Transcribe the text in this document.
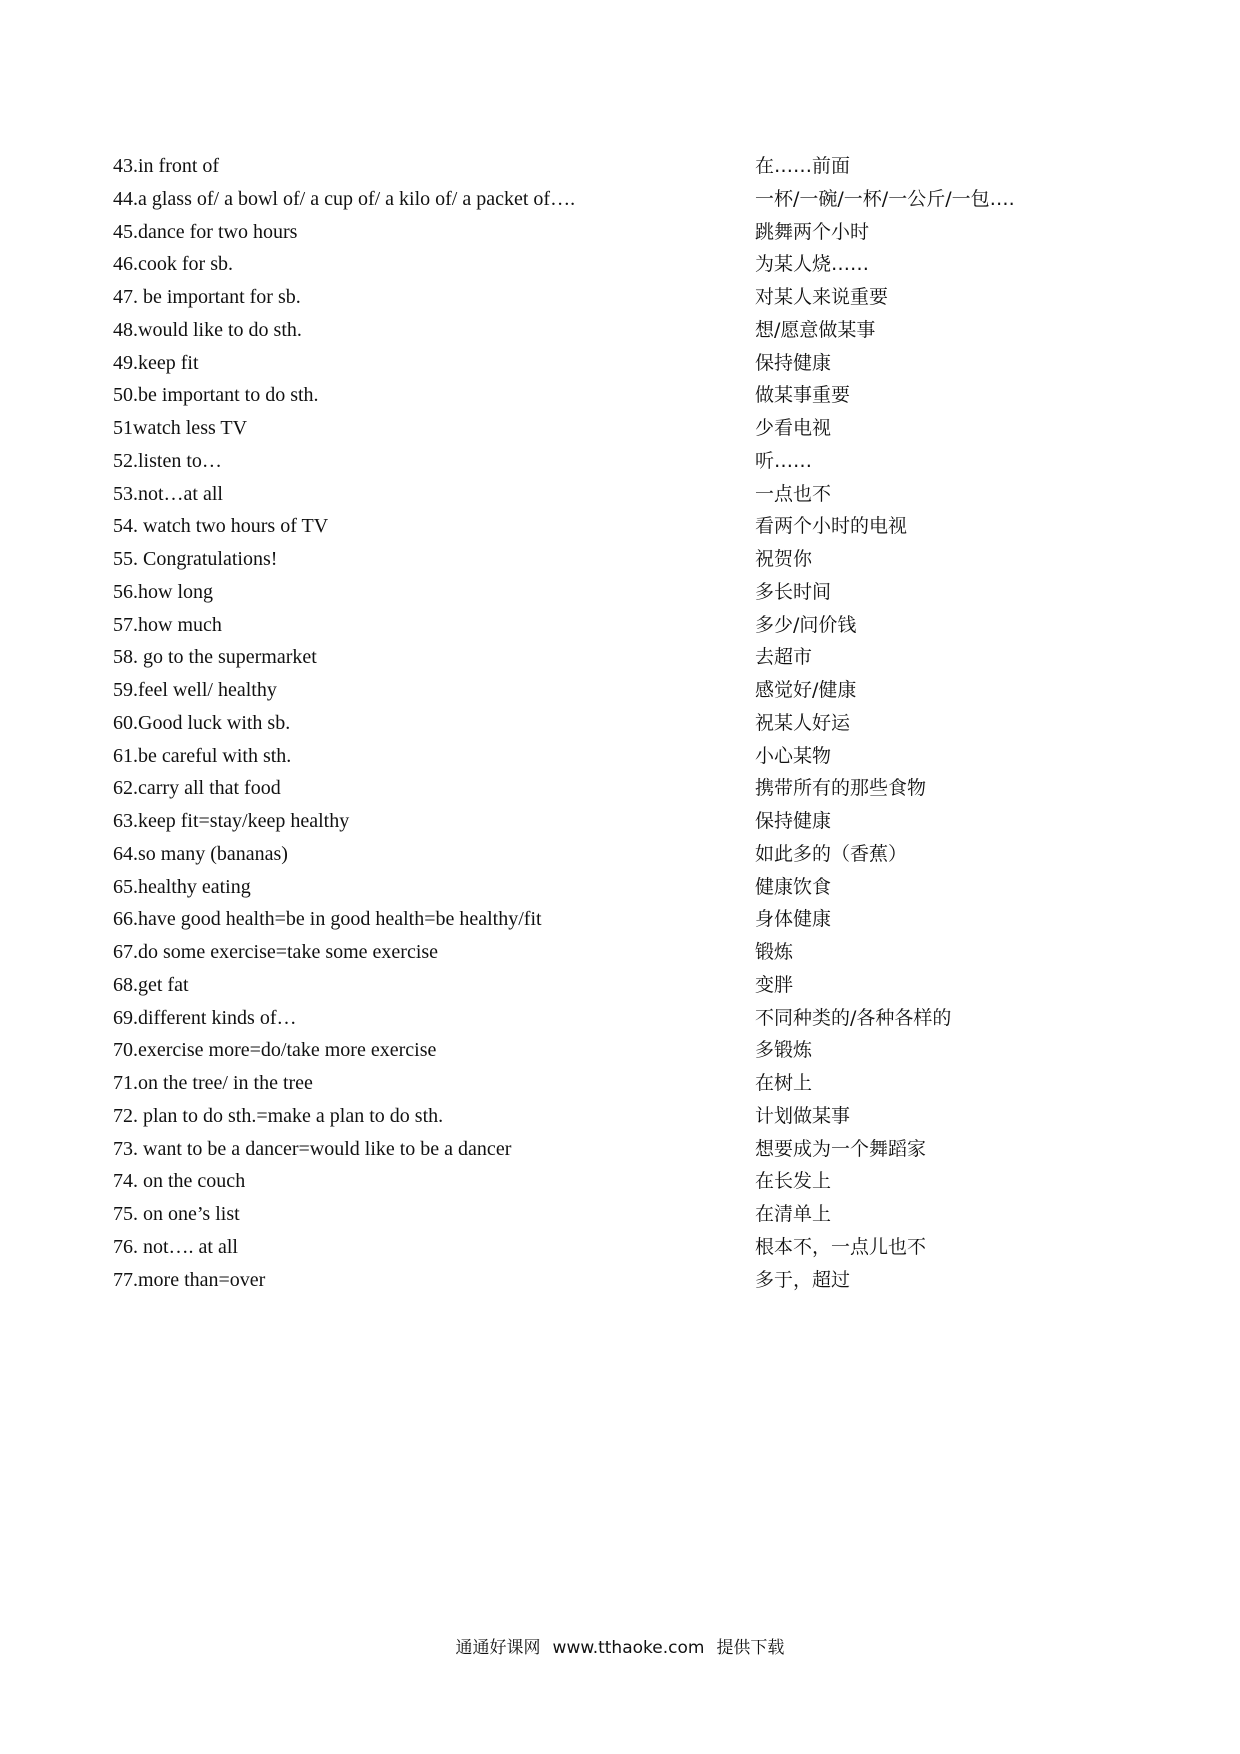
43.in front of	在……前面
44.a glass of/ a bowl of/ a cup of/ a kilo of/ a packet of….	一杯/一碗/一杯/一公斤/一包….
45.dance for two hours	跳舞两个小时
46.cook for sb.	为某人烧……
47. be important for sb.	对某人来说重要
48.would like to do sth.	想/愿意做某事
49.keep fit	保持健康
50.be important to do sth.	做某事重要
51watch less TV	少看电视
52.listen to…	听……
53.not…at all	一点也不
54. watch two hours of TV	看两个小时的电视
55. Congratulations!	祝贺你
56.how long	多长时间
57.how much	多少/问价钱
58. go to the supermarket	去超市
59.feel well/ healthy	感觉好/健康
60.Good luck with sb.	祝某人好运
61.be careful with sth.	小心某物
62.carry all that food	携带所有的那些食物
63.keep fit=stay/keep healthy	保持健康
64.so many (bananas)	如此多的（香蕉）
65.healthy eating	健康饮食
66.have good health=be in good health=be healthy/fit	身体健康
67.do some exercise=take some exercise	锻炼
68.get fat	变胖
69.different kinds of…	不同种类的/各种各样的
70.exercise more=do/take more exercise	多锻炼
71.on the tree/ in the tree	在树上
72. plan to do sth.=make a plan to do sth.	计划做某事
73. want to be a dancer=would like to be a dancer	想要成为一个舞蹈家
74. on the couch	在长发上
75. on one’s list	在清单上
76. not…. at all	根本不，一点儿也不
77.more than=over	多于，超过
通通好课网 www.tthaoke.com 提供下载
